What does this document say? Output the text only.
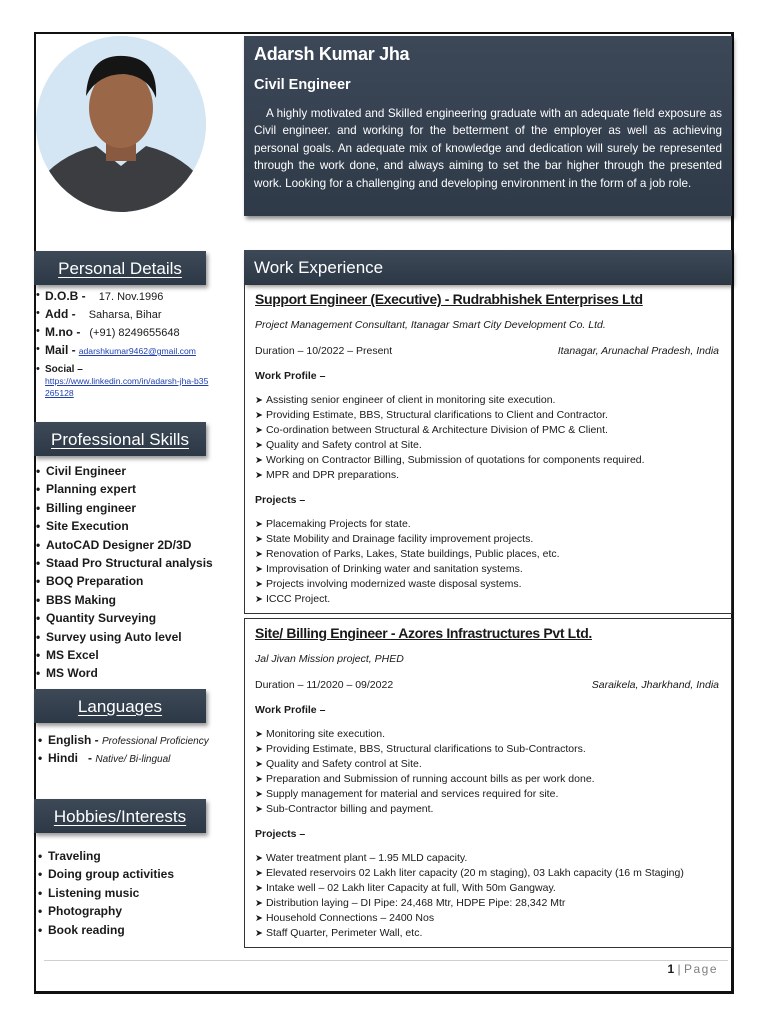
Adarsh Kumar Jha
Civil Engineer
A highly motivated and Skilled engineering graduate with an adequate field exposure as Civil engineer. and working for the betterment of the employer as well as achieving personal goals. An adequate mix of knowledge and dedication will surely be represented through the work done, and always aiming to set the bar higher through the presented work. Looking for a challenging and developing environment in the form of a job role.
Personal Details
• D.O.B - 17. Nov.1996
• Add - Saharsa, Bihar
• M.no - (+91) 8249655648
• Mail - adarshkumar9462@gmail.com
• Social –
https://www.linkedin.com/in/adarsh-jha-b35265128
Professional Skills
• Civil Engineer
• Planning expert
• Billing engineer
• Site Execution
• AutoCAD Designer 2D/3D
• Staad Pro Structural analysis
• BOQ Preparation
• BBS Making
• Quantity Surveying
• Survey using Auto level
• MS Excel
• MS Word
Languages
• English - Professional Proficiency
• Hindi   - Native/ Bi-lingual
Hobbies/Interests
• Traveling
• Doing group activities
• Listening music
• Photography
• Book reading
Work Experience
Support Engineer (Executive) - Rudrabhishek Enterprises Ltd
Project Management Consultant, Itanagar Smart City Development Co. Ltd.
Duration – 10/2022 – Present	Itanagar, Arunachal Pradesh, India
Work Profile –
➤ Assisting senior engineer of client in monitoring site execution.
➤ Providing Estimate, BBS, Structural clarifications to Client and Contractor.
➤ Co-ordination between Structural & Architecture Division of PMC & Client.
➤ Quality and Safety control at Site.
➤ Working on Contractor Billing, Submission of quotations for components required.
➤ MPR and DPR preparations.
Projects –
➤ Placemaking Projects for state.
➤ State Mobility and Drainage facility improvement projects.
➤ Renovation of Parks, Lakes, State buildings, Public places, etc.
➤ Improvisation of Drinking water and sanitation systems.
➤ Projects involving modernized waste disposal systems.
➤ ICCC Project.
Site/ Billing Engineer - Azores Infrastructures Pvt Ltd.
Jal Jivan Mission project, PHED
Duration – 11/2020 – 09/2022	Saraikela, Jharkhand, India
Work Profile –
➤ Monitoring site execution.
➤ Providing Estimate, BBS, Structural clarifications to Sub-Contractors.
➤ Quality and Safety control at Site.
➤ Preparation and Submission of running account bills as per work done.
➤ Supply management for material and services required for site.
➤ Sub-Contractor billing and payment.
Projects –
➤ Water treatment plant – 1.95 MLD capacity.
➤ Elevated reservoirs 02 Lakh liter capacity (20 m staging), 03 Lakh capacity (16 m Staging)
➤ Intake well – 02 Lakh liter Capacity at full, With 50m Gangway.
➤ Distribution laying – DI Pipe: 24,468 Mtr, HDPE Pipe: 28,342 Mtr
➤ Household Connections – 2400 Nos
➤ Staff Quarter, Perimeter Wall, etc.
1 | Page
